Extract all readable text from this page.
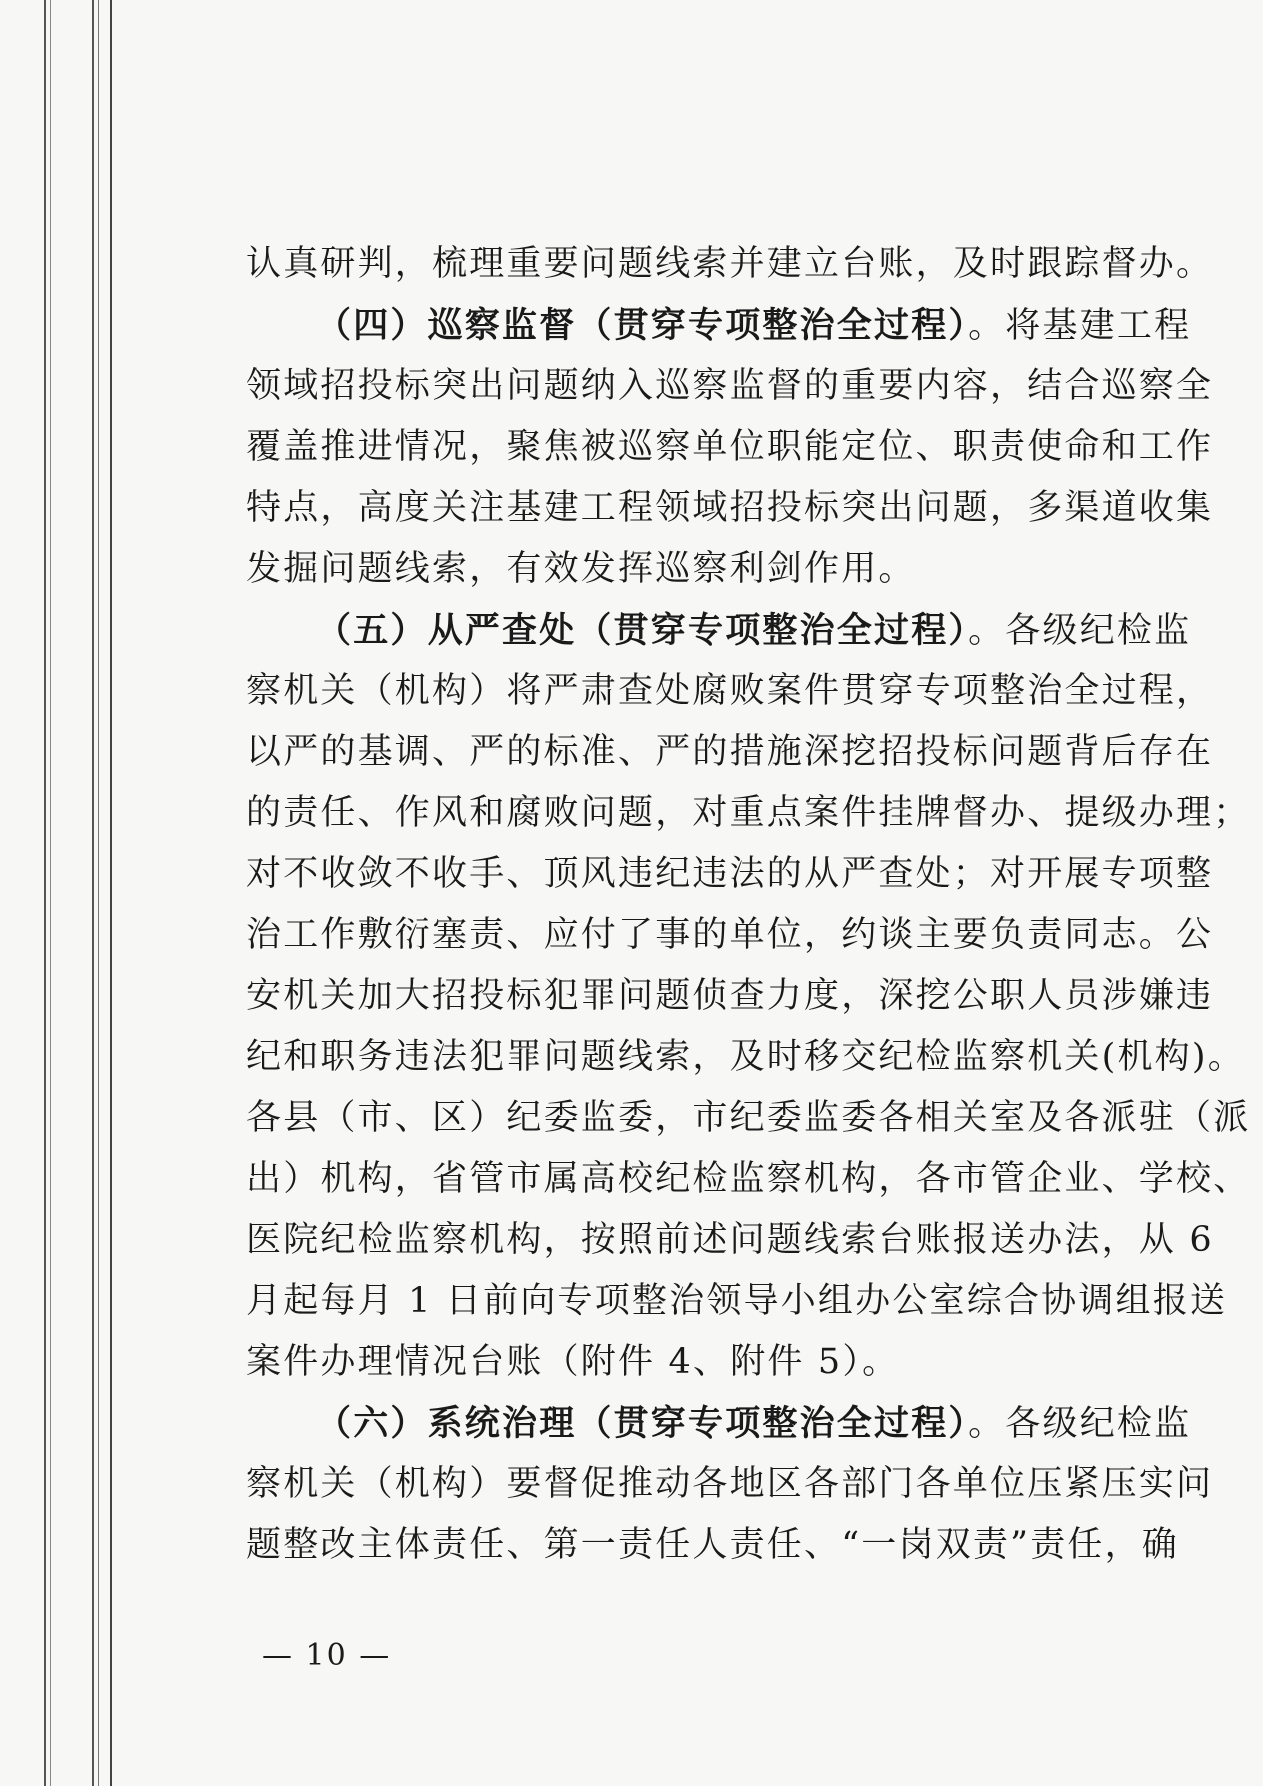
认真研判，梳理重要问题线索并建立台账，及时跟踪督办。
（四）巡察监督（贯穿专项整治全过程）。将基建工程
领域招投标突出问题纳入巡察监督的重要内容，结合巡察全
覆盖推进情况，聚焦被巡察单位职能定位、职责使命和工作
特点，高度关注基建工程领域招投标突出问题，多渠道收集
发掘问题线索，有效发挥巡察利剑作用。
（五）从严查处（贯穿专项整治全过程）。各级纪检监
察机关（机构）将严肃查处腐败案件贯穿专项整治全过程，
以严的基调、严的标准、严的措施深挖招投标问题背后存在
的责任、作风和腐败问题，对重点案件挂牌督办、提级办理；
对不收敛不收手、顶风违纪违法的从严查处；对开展专项整
治工作敷衍塞责、应付了事的单位，约谈主要负责同志。公
安机关加大招投标犯罪问题侦查力度，深挖公职人员涉嫌违
纪和职务违法犯罪问题线索，及时移交纪检监察机关(机构)。
各县（市、区）纪委监委，市纪委监委各相关室及各派驻（派
出）机构，省管市属高校纪检监察机构，各市管企业、学校、
医院纪检监察机构，按照前述问题线索台账报送办法，从 6
月起每月 1 日前向专项整治领导小组办公室综合协调组报送
案件办理情况台账（附件 4、附件 5）。
（六）系统治理（贯穿专项整治全过程）。各级纪检监
察机关（机构）要督促推动各地区各部门各单位压紧压实问
题整改主体责任、第一责任人责任、“一岗双责”责任，确
— 10 —
